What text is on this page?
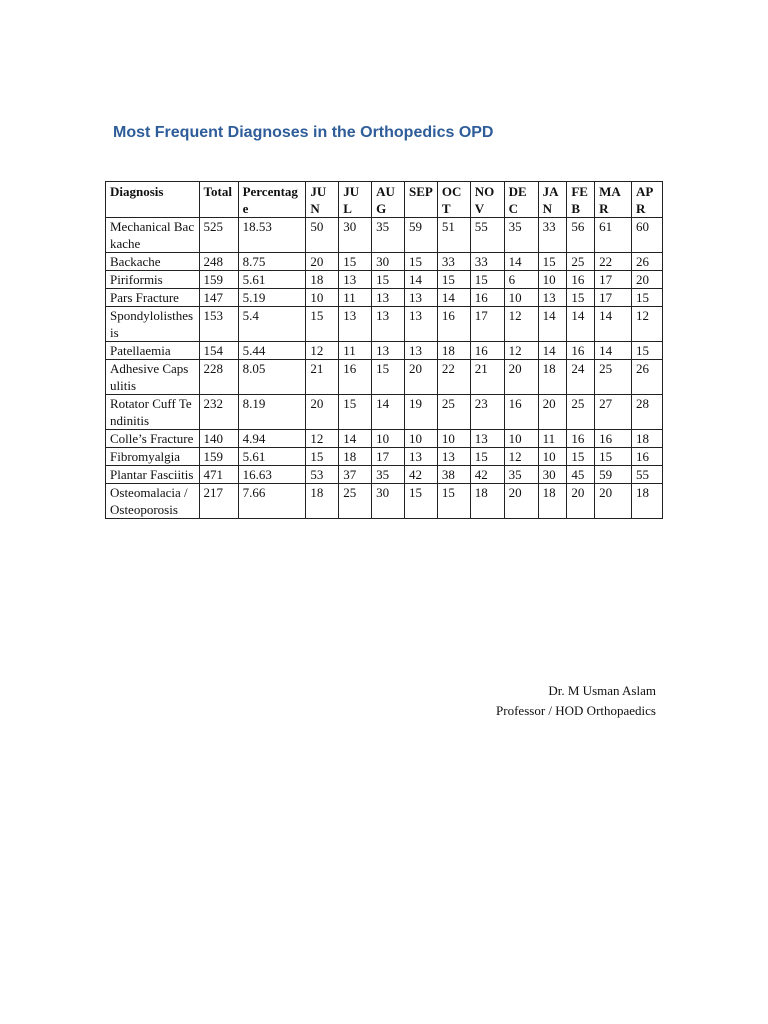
Most Frequent Diagnoses in the Orthopedics OPD
Diagnosis	Total	Percentage	JUN	JUL	AUG	SEP	OCT	NOV	DEC	JAN	FEB	MAR	APR
Mechanical Backache	525	18.53	50	30	35	59	51	55	35	33	56	61	60
Backache	248	8.75	20	15	30	15	33	33	14	15	25	22	26
Piriformis	159	5.61	18	13	15	14	15	15	6	10	16	17	20
Pars Fracture	147	5.19	10	11	13	13	14	16	10	13	15	17	15
Spondylolisthesis	153	5.4	15	13	13	13	16	17	12	14	14	14	12
Patellaemia	154	5.44	12	11	13	13	18	16	12	14	16	14	15
Adhesive Capsulitis	228	8.05	21	16	15	20	22	21	20	18	24	25	26
Rotator Cuff Tendinitis	232	8.19	20	15	14	19	25	23	16	20	25	27	28
Colle’s Fracture	140	4.94	12	14	10	10	10	13	10	11	16	16	18
Fibromyalgia	159	5.61	15	18	17	13	13	15	12	10	15	15	16
Plantar Fasciitis	471	16.63	53	37	35	42	38	42	35	30	45	59	55
Osteomalacia / Osteoporosis	217	7.66	18	25	30	15	15	18	20	18	20	20	18
Dr. M Usman Aslam
Professor / HOD Orthopaedics
